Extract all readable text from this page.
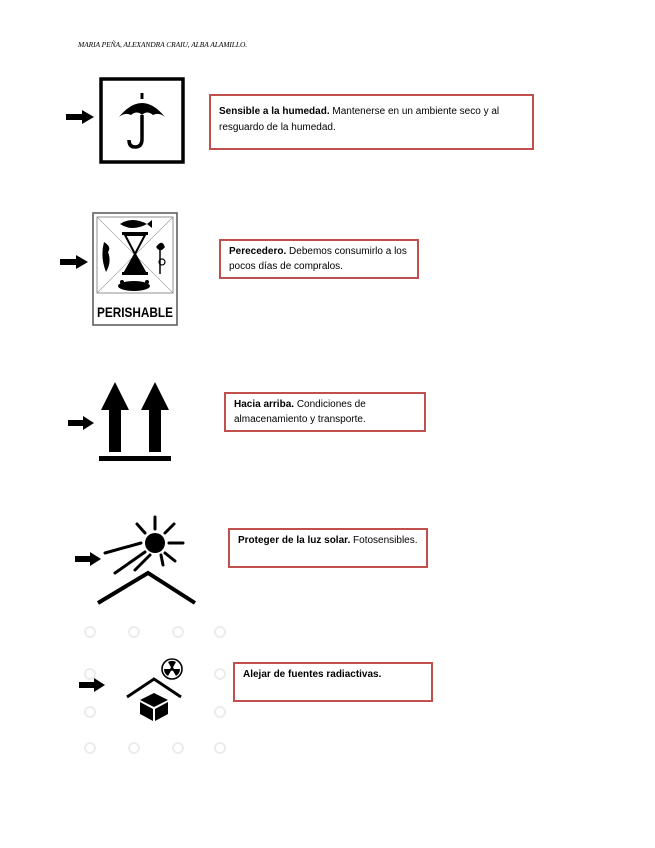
MARIA PEÑA, ALEXANDRA CRAIU, ALBA ALAMILLO.
Sensible a la humedad. Mantenerse en un ambiente seco y al resguardo de la humedad.
PERISHABLE
Perecedero. Debemos consumirlo a los pocos días de compralos.
Hacia arriba. Condiciones de almacenamiento y transporte.
Proteger de la luz solar. Fotosensibles.
Alejar de fuentes radiactivas.
